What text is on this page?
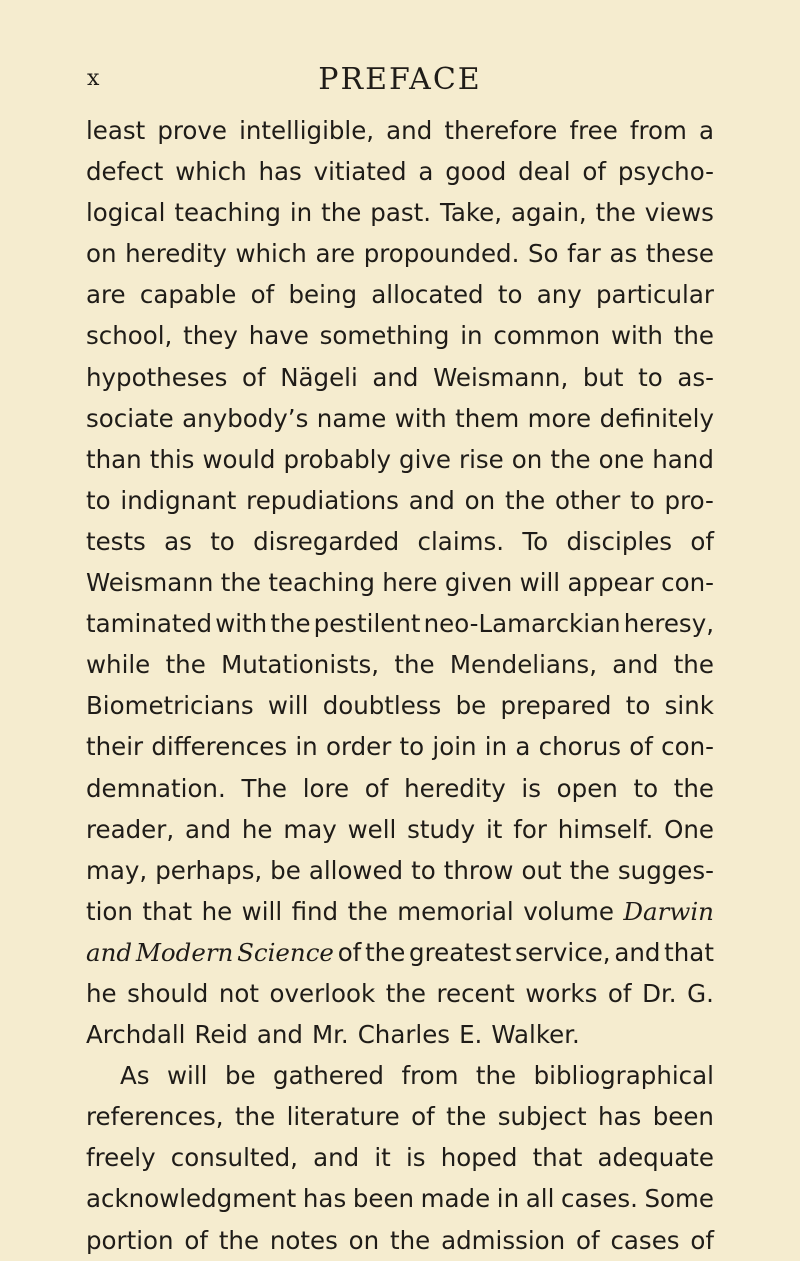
x	PREFACE
least prove intelligible, and therefore free from a
defect which has vitiated a good deal of psycho-
logical teaching in the past. Take, again, the views
on heredity which are propounded. So far as these
are capable of being allocated to any particular
school, they have something in common with the
hypotheses of Nägeli and Weismann, but to as-
sociate anybody’s name with them more definitely
than this would probably give rise on the one hand
to indignant repudiations and on the other to pro-
tests as to disregarded claims. To disciples of
Weismann the teaching here given will appear con-
taminated with the pestilent neo-Lamarckian heresy,
while the Mutationists, the Mendelians, and the
Biometricians will doubtless be prepared to sink
their differences in order to join in a chorus of con-
demnation. The lore of heredity is open to the
reader, and he may well study it for himself. One
may, perhaps, be allowed to throw out the sugges-
tion that he will find the memorial volume Darwin
and Modern Science of the greatest service, and that
he should not overlook the recent works of Dr. G.
Archdall Reid and Mr. Charles E. Walker.
As will be gathered from the bibliographical
references, the literature of the subject has been
freely consulted, and it is hoped that adequate
acknowledgment has been made in all cases. Some
portion of the notes on the admission of cases of
